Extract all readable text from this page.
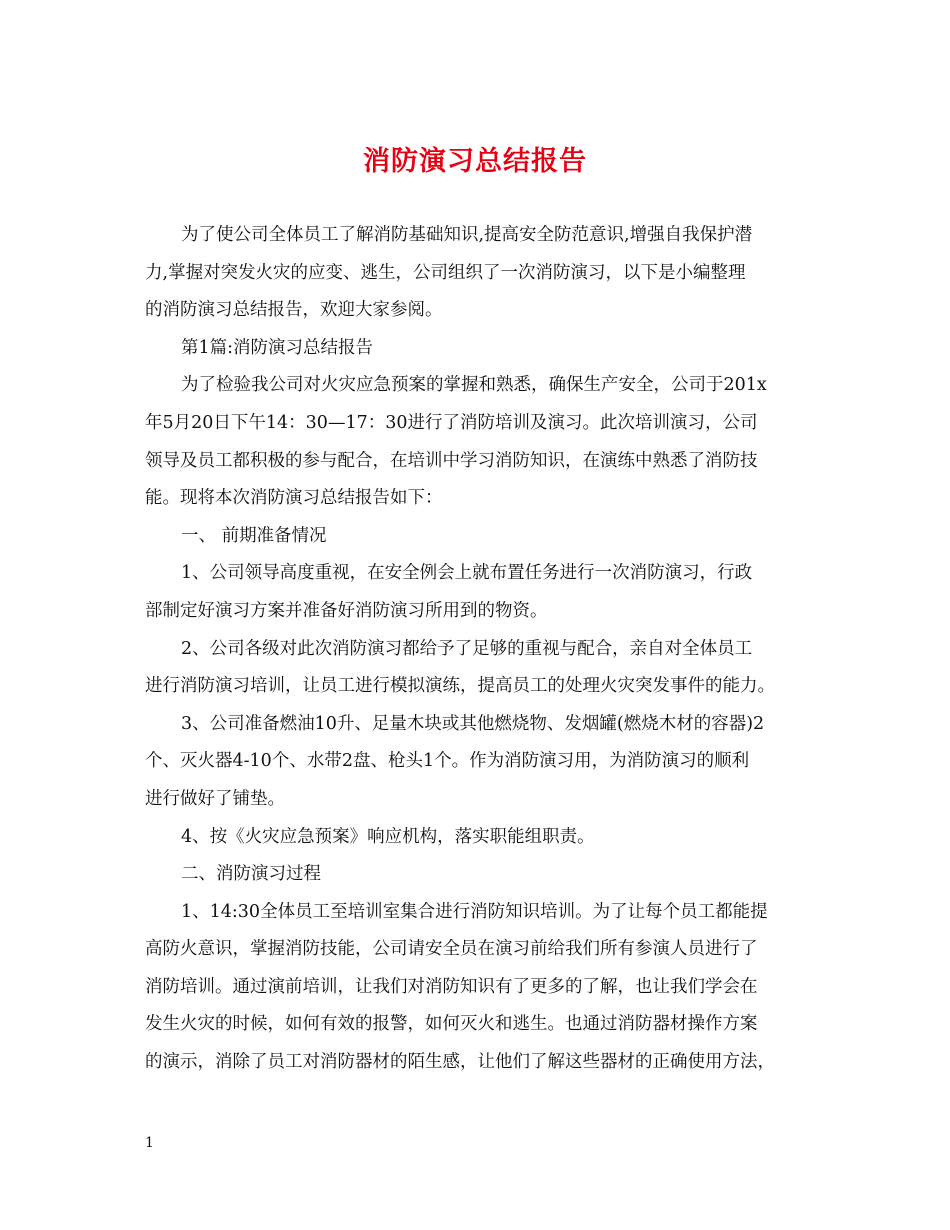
消防演习总结报告
为了使公司全体员工了解消防基础知识,提高安全防范意识,增强自我保护潜
力,掌握对突发火灾的应变、逃生，公司组织了一次消防演习，以下是小编整理
的消防演习总结报告，欢迎大家参阅。
第1篇:消防演习总结报告
为了检验我公司对火灾应急预案的掌握和熟悉，确保生产安全，公司于201x
年5月20日下午14：30—17：30进行了消防培训及演习。此次培训演习，公司
领导及员工都积极的参与配合，在培训中学习消防知识，在演练中熟悉了消防技
能。现将本次消防演习总结报告如下：
一、 前期准备情况
1、公司领导高度重视，在安全例会上就布置任务进行一次消防演习，行政
部制定好演习方案并准备好消防演习所用到的物资。
2、公司各级对此次消防演习都给予了足够的重视与配合，亲自对全体员工
进行消防演习培训，让员工进行模拟演练，提高员工的处理火灾突发事件的能力。
3、公司准备燃油10升、足量木块或其他燃烧物、发烟罐(燃烧木材的容器)2
个、灭火器4-10个、水带2盘、枪头1个。作为消防演习用，为消防演习的顺利
进行做好了铺垫。
4、按《火灾应急预案》响应机构，落实职能组职责。
二、消防演习过程
1、14:30全体员工至培训室集合进行消防知识培训。为了让每个员工都能提
高防火意识，掌握消防技能，公司请安全员在演习前给我们所有参演人员进行了
消防培训。通过演前培训，让我们对消防知识有了更多的了解，也让我们学会在
发生火灾的时候，如何有效的报警，如何灭火和逃生。也通过消防器材操作方案
的演示，消除了员工对消防器材的陌生感，让他们了解这些器材的正确使用方法，
1
